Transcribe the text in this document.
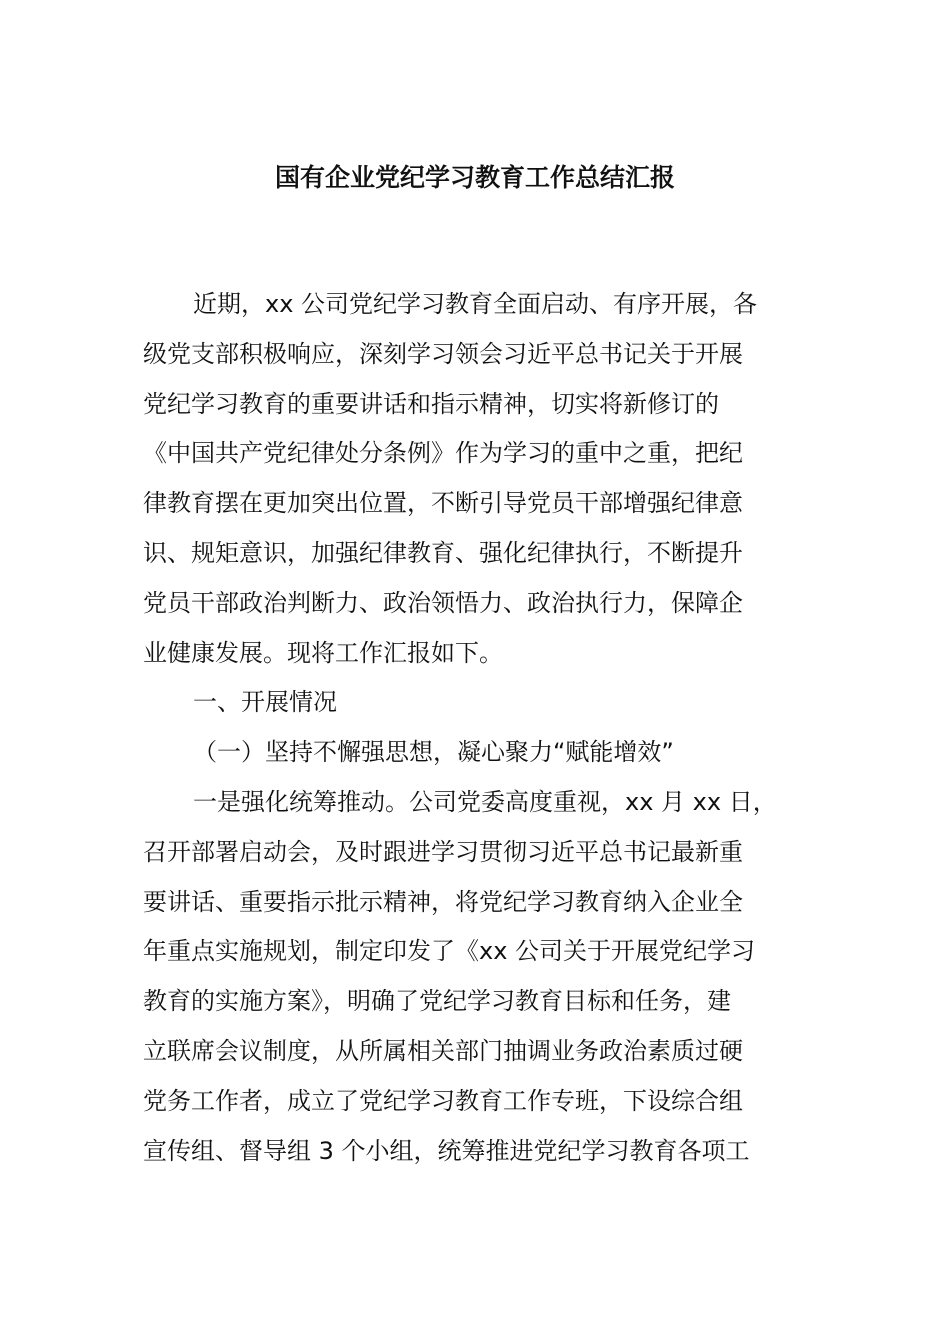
国有企业党纪学习教育工作总结汇报
近期，xx 公司党纪学习教育全面启动、有序开展，各
级党支部积极响应，深刻学习领会习近平总书记关于开展
党纪学习教育的重要讲话和指示精神，切实将新修订的
《中国共产党纪律处分条例》作为学习的重中之重，把纪
律教育摆在更加突出位置，不断引导党员干部增强纪律意
识、规矩意识，加强纪律教育、强化纪律执行，不断提升
党员干部政治判断力、政治领悟力、政治执行力，保障企
业健康发展。现将工作汇报如下。
一、开展情况
（一）坚持不懈强思想，凝心聚力“赋能增效”
一是强化统筹推动。公司党委高度重视，xx 月 xx 日，
召开部署启动会，及时跟进学习贯彻习近平总书记最新重
要讲话、重要指示批示精神，将党纪学习教育纳入企业全
年重点实施规划，制定印发了《xx 公司关于开展党纪学习
教育的实施方案》，明确了党纪学习教育目标和任务，建
立联席会议制度，从所属相关部门抽调业务政治素质过硬
党务工作者，成立了党纪学习教育工作专班，下设综合组
宣传组、督导组 3 个小组，统筹推进党纪学习教育各项工
